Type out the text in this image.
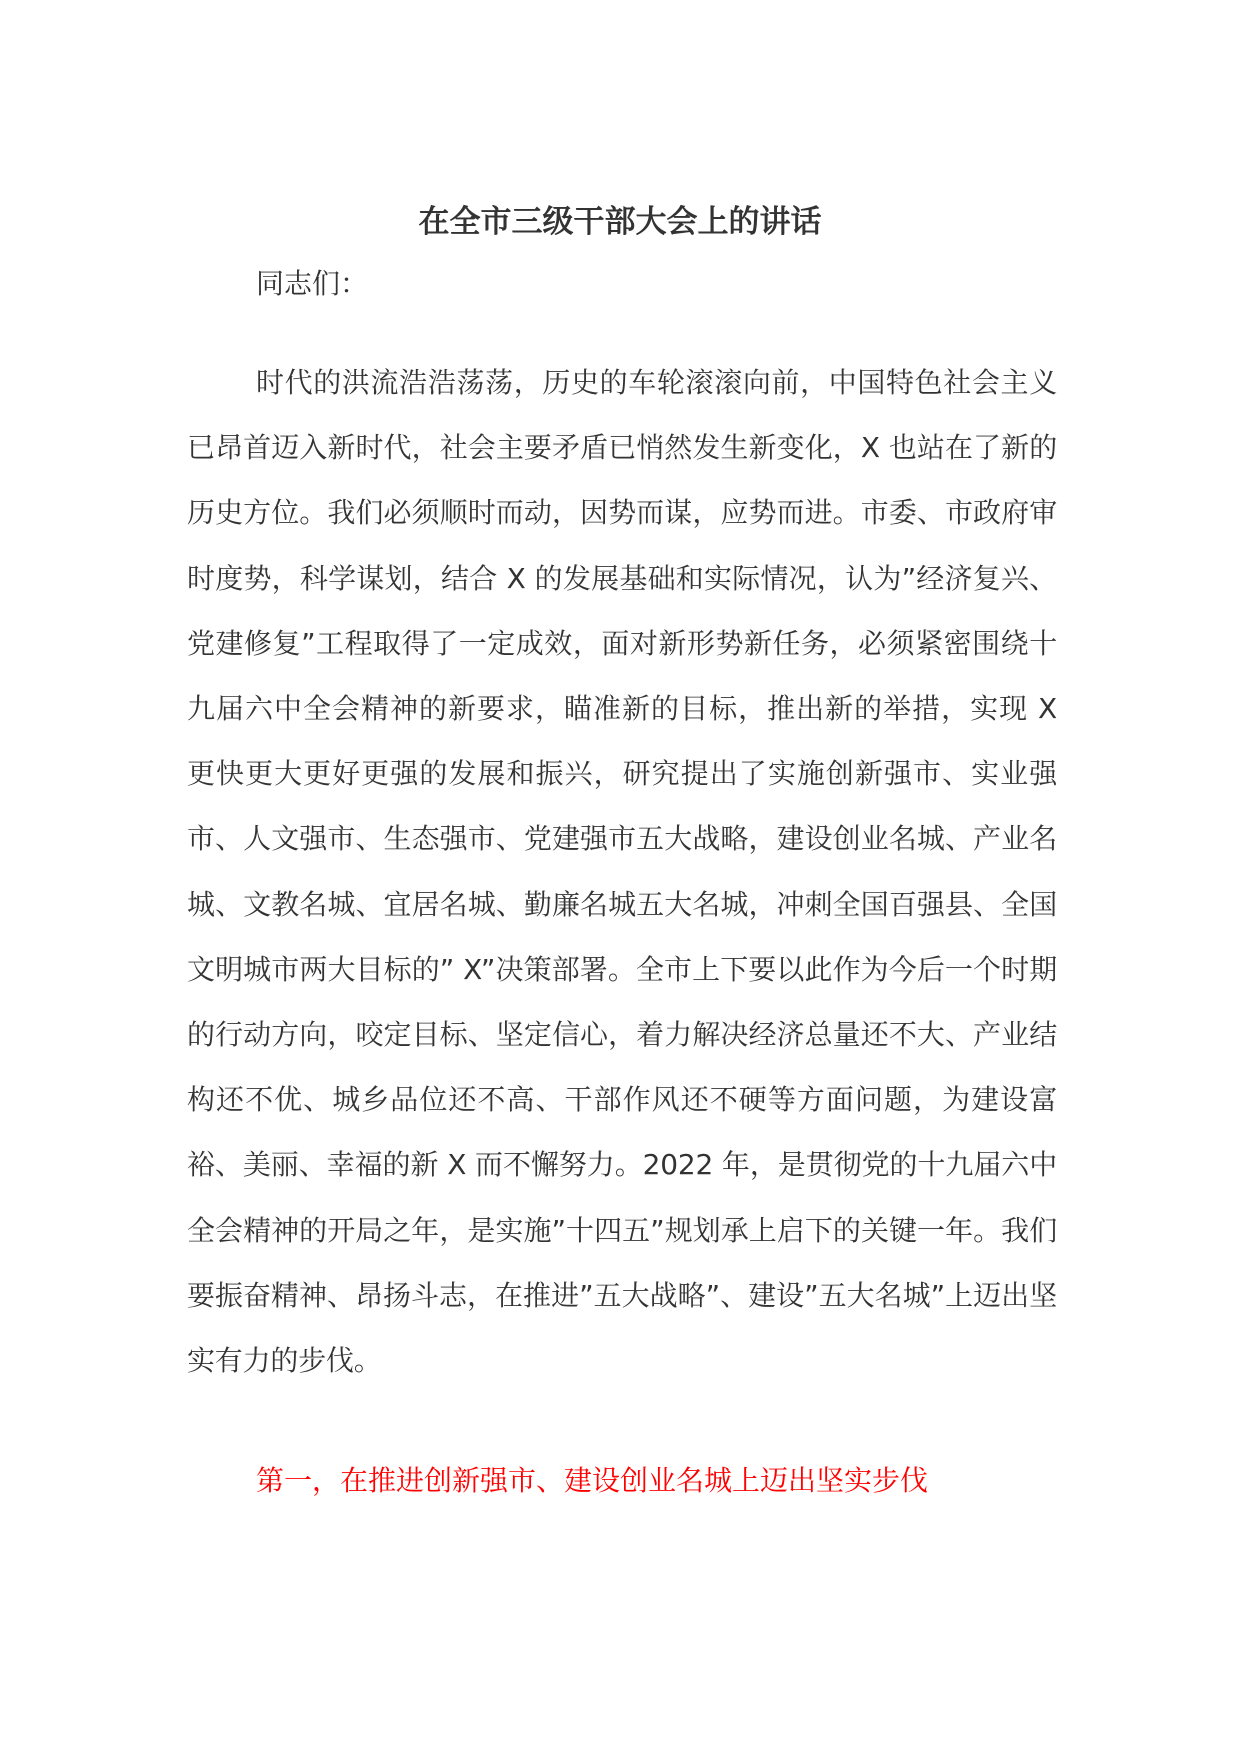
在全市三级干部大会上的讲话

同志们：

时代的洪流浩浩荡荡，历史的车轮滚滚向前，中国特色社会主义已昂首迈入新时代，社会主要矛盾已悄然发生新变化，X 也站在了新的历史方位。我们必须顺时而动，因势而谋，应势而进。市委、市政府审时度势，科学谋划，结合 X 的发展基础和实际情况，认为”经济复兴、党建修复”工程取得了一定成效，面对新形势新任务，必须紧密围绕十九届六中全会精神的新要求，瞄准新的目标，推出新的举措，实现 X 更快更大更好更强的发展和振兴，研究提出了实施创新强市、实业强市、人文强市、生态强市、党建强市五大战略，建设创业名城、产业名城、文教名城、宜居名城、勤廉名城五大名城，冲刺全国百强县、全国文明城市两大目标的” X”决策部署。全市上下要以此作为今后一个时期的行动方向，咬定目标、坚定信心，着力解决经济总量还不大、产业结构还不优、城乡品位还不高、干部作风还不硬等方面问题，为建设富裕、美丽、幸福的新 X 而不懈努力。2022 年，是贯彻党的十九届六中全会精神的开局之年，是实施”十四五”规划承上启下的关键一年。我们要振奋精神、昂扬斗志，在推进”五大战略”、建设”五大名城”上迈出坚实有力的步伐。

第一，在推进创新强市、建设创业名城上迈出坚实步伐
